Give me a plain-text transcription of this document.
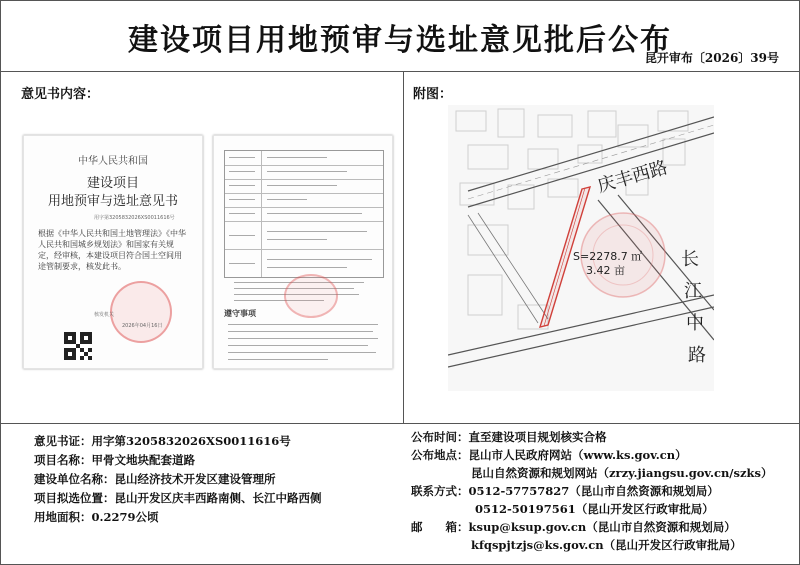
建设项目用地预审与选址意见批后公布
昆开审布〔2026〕39号
意见书内容：	附图：
中华人民共和国
建设项目
用地预审与选址意见书
用字第3205832026XS0011616号
根据《中华人民共和国土地管理法》《中华人民共和国城乡规划法》和国家有关规定，经审核，本建设项目符合国土空间用途管制要求，核发此书。
核发机关
2026年04月16日
遵守事项
庆丰西路
长
江
中
路
S=2278.7 ㎡
3.42 亩
意见书证：用字第3205832026XS0011616号
项目名称：甲骨文地块配套道路
建设单位名称：昆山经济技术开发区建设管理所
项目拟选位置：昆山开发区庆丰西路南侧、长江中路西侧
用地面积：0.2279公顷
公布时间：直至建设项目规划核实合格
公布地点：昆山市人民政府网站（www.ks.gov.cn）
昆山自然资源和规划网站（zrzy.jiangsu.gov.cn/szks）
联系方式：0512-57757827（昆山市自然资源和规划局）
0512-50197561（昆山开发区行政审批局）
邮　　箱：ksup@ksup.gov.cn（昆山市自然资源和规划局）
kfqspjtzjs@ks.gov.cn（昆山开发区行政审批局）
